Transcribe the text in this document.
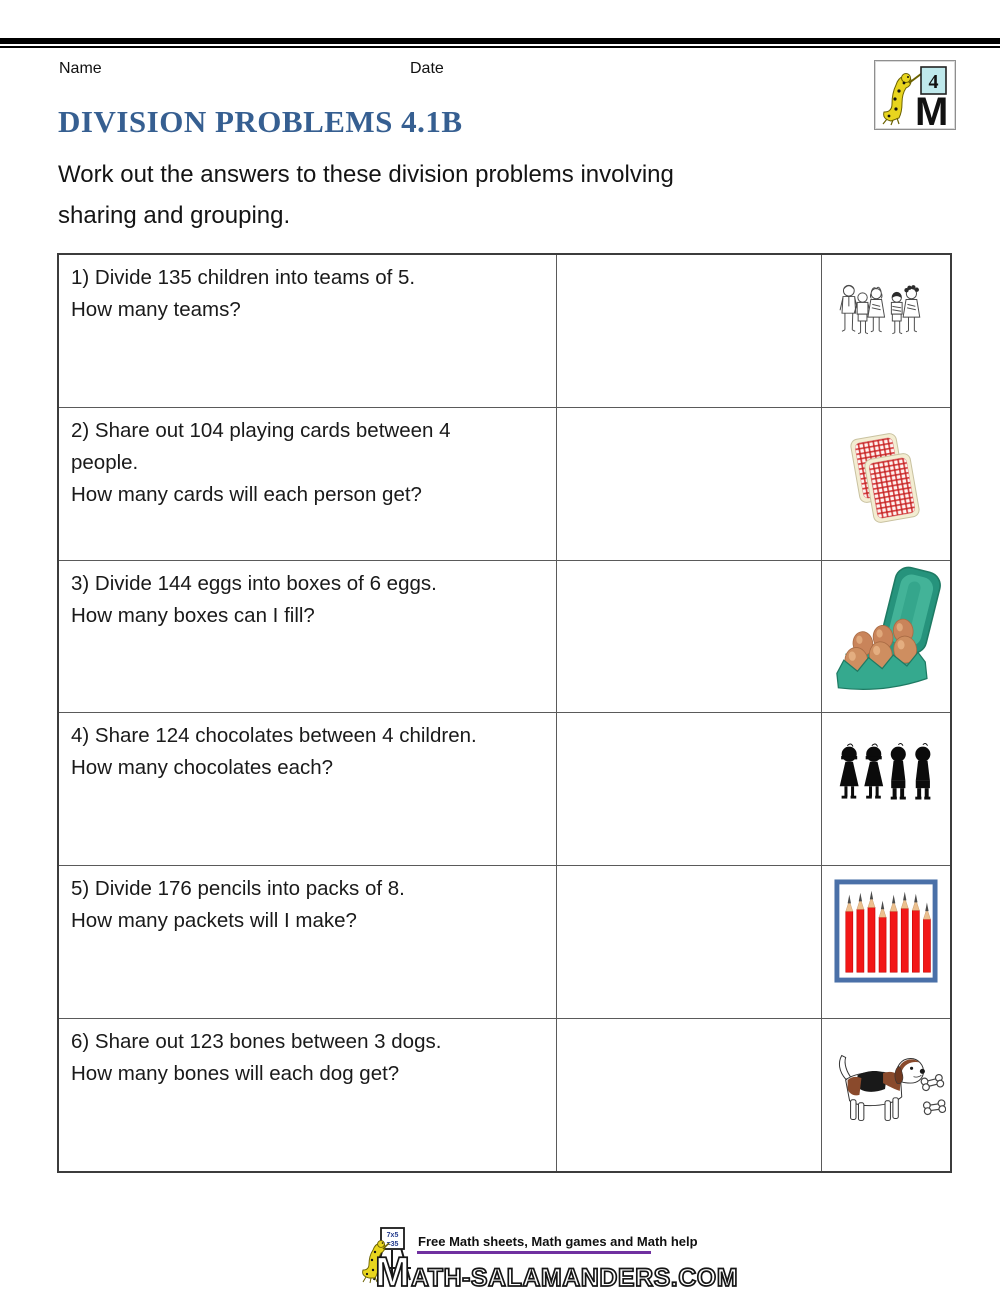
Name	Date
4
M
DIVISION PROBLEMS 4.1B
Work out the answers to these division problems involving
sharing and grouping.
1) Divide 135 children into teams of 5.
How many teams?
2) Share out 104 playing cards between 4 people.
How many cards will each person get?
3) Divide 144 eggs into boxes of 6 eggs.
How many boxes can I fill?
4) Share 124 chocolates between 4 children.
How many chocolates each?
5) Divide 176 pencils into packs of 8.
How many packets will I make?
6) Share out 123 bones between 3 dogs.
How many bones will each dog get?
7x5
=35 Free Math sheets, Math games and Math help
MATH-SALAMANDERS.COM
